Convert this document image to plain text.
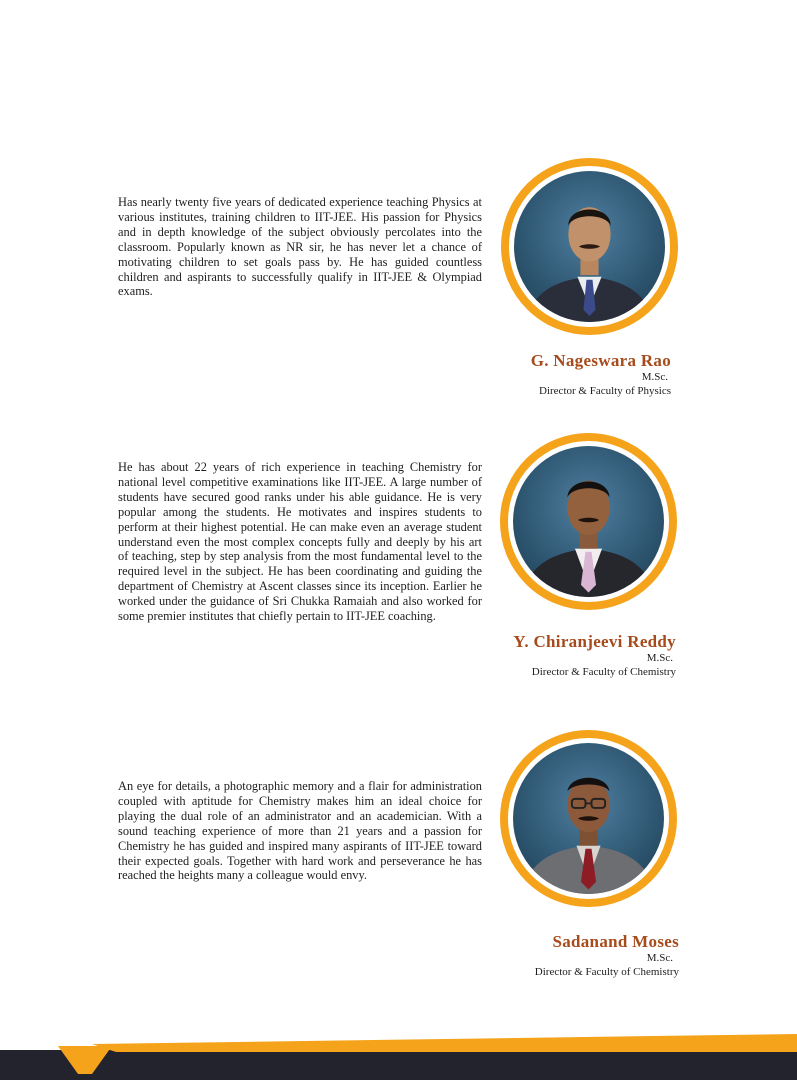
Has nearly twenty five years of dedicated experience teaching Physics at various institutes, training children to IIT-JEE. His passion for Physics and in depth knowledge of the subject obviously percolates into the classroom. Popularly known as NR sir, he has never let a chance of motivating children to set goals pass by. He has guided countless children and aspirants to successfully qualify in IIT-JEE & Olympiad exams.

G. Nageswara Rao
M.Sc.
Director & Faculty of Physics

He has about 22 years of rich experience in teaching Chemistry for national level competitive examinations like IIT-JEE. A large number of students have secured good ranks under his able guidance. He is very popular among the students. He motivates and inspires students to perform at their highest potential. He can make even an average student understand even the most complex concepts fully and deeply by his art of teaching, step by step analysis from the most fundamental level to the required level in the subject. He has been coordinating and guiding the department of Chemistry at Ascent classes since its inception. Earlier he worked under the guidance of Sri Chukka Ramaiah and also worked for some premier institutes that chiefly pertain to IIT-JEE coaching.

Y. Chiranjeevi Reddy
M.Sc.
Director & Faculty of Chemistry

An eye for details, a photographic memory and a flair for administration coupled with aptitude for Chemistry makes him an ideal choice for playing the dual role of an administrator and an academician. With a sound teaching experience of more than 21 years and a passion for Chemistry he has guided and inspired many aspirants of IIT-JEE toward their expected goals. Together with hard work and perseverance he has reached the heights many a colleague would envy.

Sadanand Moses
M.Sc.
Director & Faculty of Chemistry
